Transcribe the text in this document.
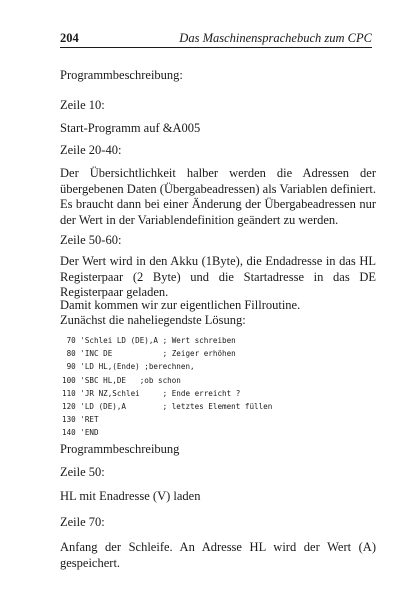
204	Das Maschinensprachebuch zum CPC

Programmbeschreibung:

Zeile 10:

Start-Programm auf &A005

Zeile 20-40:

Der Übersichtlichkeit halber werden die Adressen der übergebenen Daten (Übergabeadressen) als Variablen definiert. Es braucht dann bei einer Änderung der Übergabeadressen nur der Wert in der Variablendefinition geändert zu werden.

Zeile 50-60:

Der Wert wird in den Akku (1Byte), die Endadresse in das HL Registerpaar (2 Byte) und die Startadresse in das DE Registerpaar geladen.

Damit kommen wir zur eigentlichen Fillroutine.

Zunächst die naheliegendste Lösung:

70 'Schlei LD (DE),A ; Wert schreiben
80 'INC DE           ; Zeiger erhöhen
90 'LD HL,(Ende) ;berechnen,
100 'SBC HL,DE   ;ob schon
110 'JR NZ,Schlei     ; Ende erreicht ?
120 'LD (DE),A        ; letztes Element füllen
130 'RET
140 'END

Programmbeschreibung

Zeile 50:

HL mit Enadresse (V) laden

Zeile 70:

Anfang der Schleife. An Adresse HL wird der Wert (A) gespeichert.
